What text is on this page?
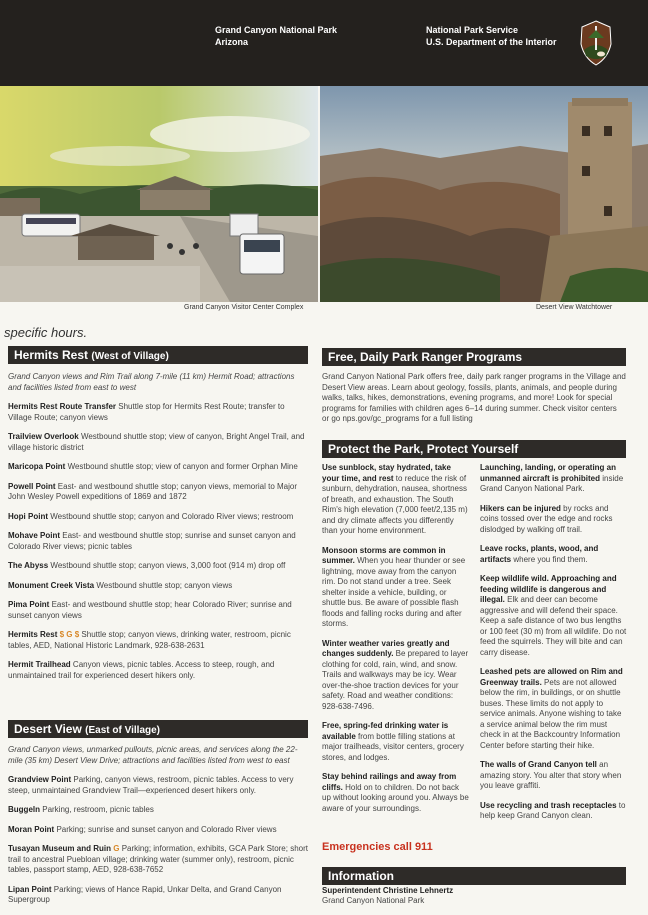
Grand Canyon National Park
Arizona
National Park Service
U.S. Department of the Interior
Grand Canyon Visitor Center Complex	Desert View Watchtower
specific hours.
Hermits Rest (West of Village)

Grand Canyon views and Rim Trail along 7-mile (11 km) Hermit Road; attractions and facilities listed from east to west

Hermits Rest Route Transfer Shuttle stop for Hermits Rest Route; transfer to Village Route; canyon views

Trailview Overlook Westbound shuttle stop; view of canyon, Bright Angel Trail, and village historic district

Maricopa Point Westbound shuttle stop; view of canyon and former Orphan Mine

Powell Point East- and westbound shuttle stop; canyon views, memorial to Major John Wesley Powell expeditions of 1869 and 1872

Hopi Point Westbound shuttle stop; canyon and Colorado River views; restroom

Mohave Point East- and westbound shuttle stop; sunrise and sunset canyon and Colorado River views; picnic tables

The Abyss Westbound shuttle stop; canyon views, 3,000 foot (914 m) drop off

Monument Creek Vista Westbound shuttle stop; canyon views

Pima Point East- and westbound shuttle stop; hear Colorado River; sunrise and sunset canyon views

Hermits Rest $ G $ Shuttle stop; canyon views, drinking water, restroom, picnic tables, AED, National Historic Landmark, 928-638-2631

Hermit Trailhead Canyon views, picnic tables. Access to steep, rough, and unmaintained trail for experienced desert hikers only.

Desert View (East of Village)

Grand Canyon views, unmarked pullouts, picnic areas, and services along the 22-mile (35 km) Desert View Drive; attractions and facilities listed from west to east

Grandview Point Parking, canyon views, restroom, picnic tables. Access to very steep, unmaintained Grandview Trail—experienced desert hikers only.

Buggeln Parking, restroom, picnic tables

Moran Point Parking; sunrise and sunset canyon and Colorado River views

Tusayan Museum and Ruin G Parking; information, exhibits, GCA Park Store; short trail to ancestral Puebloan village; drinking water (summer only), restroom, picnic tables, passport stamp, AED, 928-638-7652

Lipan Point Parking; views of Hance Rapid, Unkar Delta, and Grand Canyon Supergroup

Free, Daily Park Ranger Programs
Grand Canyon National Park offers free, daily park ranger programs in the Village and Desert View areas. Learn about geology, fossils, plants, animals, and people during walks, talks, hikes, demonstrations, evening programs, and more! Look for special programs for families with children ages 6–14 during summer. Check visitor centers or go nps.gov/gc_programs for a full listing
Protect the Park, Protect Yourself

Use sunblock, stay hydrated, take your time, and rest to reduce the risk of sunburn, dehydration, nausea, shortness of breath, and exhaustion. The South Rim's high elevation (7,000 feet/2,135 m) and dry climate affects you differently than your home environment.

Monsoon storms are common in summer. When you hear thunder or see lightning, move away from the canyon rim. Do not stand under a tree. Seek shelter inside a vehicle, building, or shuttle bus. Be aware of possible flash floods and falling rocks during and after storms.

Winter weather varies greatly and changes suddenly. Be prepared to layer clothing for cold, rain, wind, and snow. Trails and walkways may be icy. Wear over-the-shoe traction devices for your safety. Road and weather conditions: 928-638-7496.

Free, spring-fed drinking water is available from bottle filling stations at major trailheads, visitor centers, grocery stores, and lodges.

Stay behind railings and away from cliffs. Hold on to children. Do not back up without looking around you. Always be aware of your surroundings.

Launching, landing, or operating an unmanned aircraft is prohibited inside Grand Canyon National Park.

Hikers can be injured by rocks and coins tossed over the edge and rocks dislodged by walking off trail.

Leave rocks, plants, wood, and artifacts where you find them.

Keep wildlife wild. Approaching and feeding wildlife is dangerous and illegal. Elk and deer can become aggressive and will defend their space. Keep a safe distance of two bus lengths or 100 feet (30 m) from all wildlife. Do not feed the squirrels. They will bite and can carry disease.

Leashed pets are allowed on Rim and Greenway trails. Pets are not allowed below the rim, in buildings, or on shuttle buses. These limits do not apply to service animals. Anyone wishing to take a service animal below the rim must check in at the Backcountry Information Center before starting their hike.

The walls of Grand Canyon tell an amazing story. You alter that story when you leave graffiti.

Use recycling and trash receptacles to help keep Grand Canyon clean.

Emergencies call 911
Information
Superintendent Christine Lehnertz
Grand Canyon National Park
